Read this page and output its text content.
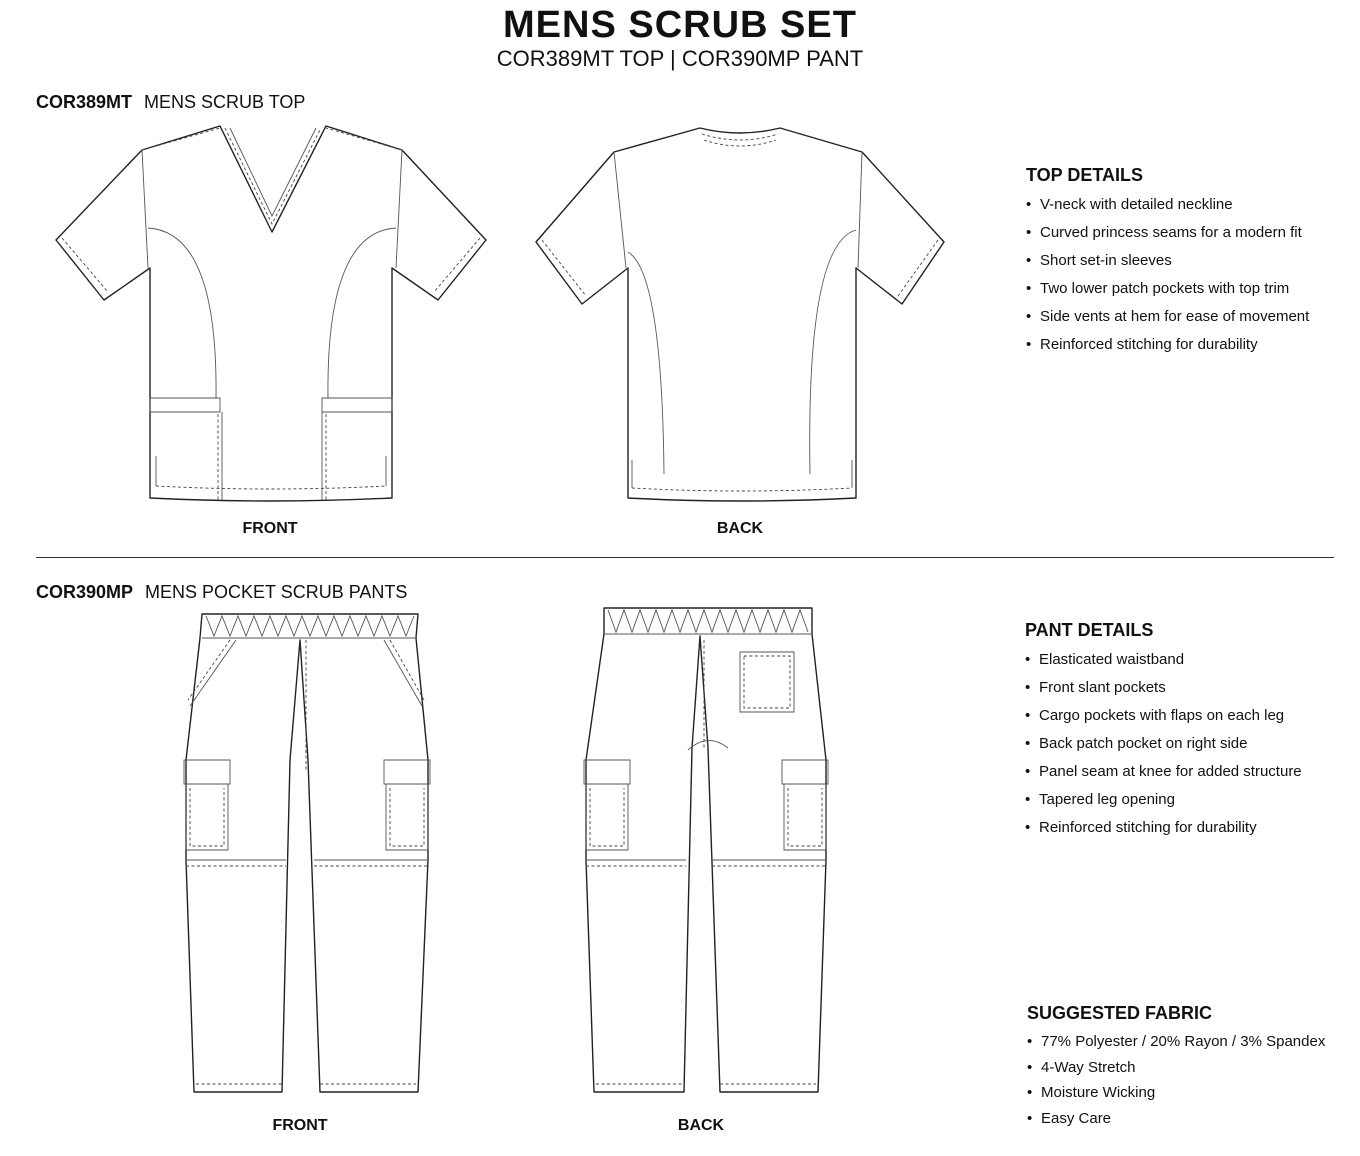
MENS SCRUB SET
COR389MT TOP | COR390MP PANT
COR389MT MENS SCRUB TOP
FRONT	BACK
TOP DETAILS
• V-neck with detailed neckline
• Curved princess seams for a modern fit
• Short set-in sleeves
• Two lower patch pockets with top trim
• Side vents at hem for ease of movement
• Reinforced stitching for durability
COR390MP MENS POCKET SCRUB PANTS
FRONT	BACK
PANT DETAILS
• Elasticated waistband
• Front slant pockets
• Cargo pockets with flaps on each leg
• Back patch pocket on right side
• Panel seam at knee for added structure
• Tapered leg opening
• Reinforced stitching for durability
SUGGESTED FABRIC
• 77% Polyester / 20% Rayon / 3% Spandex
• 4-Way Stretch
• Moisture Wicking
• Easy Care
